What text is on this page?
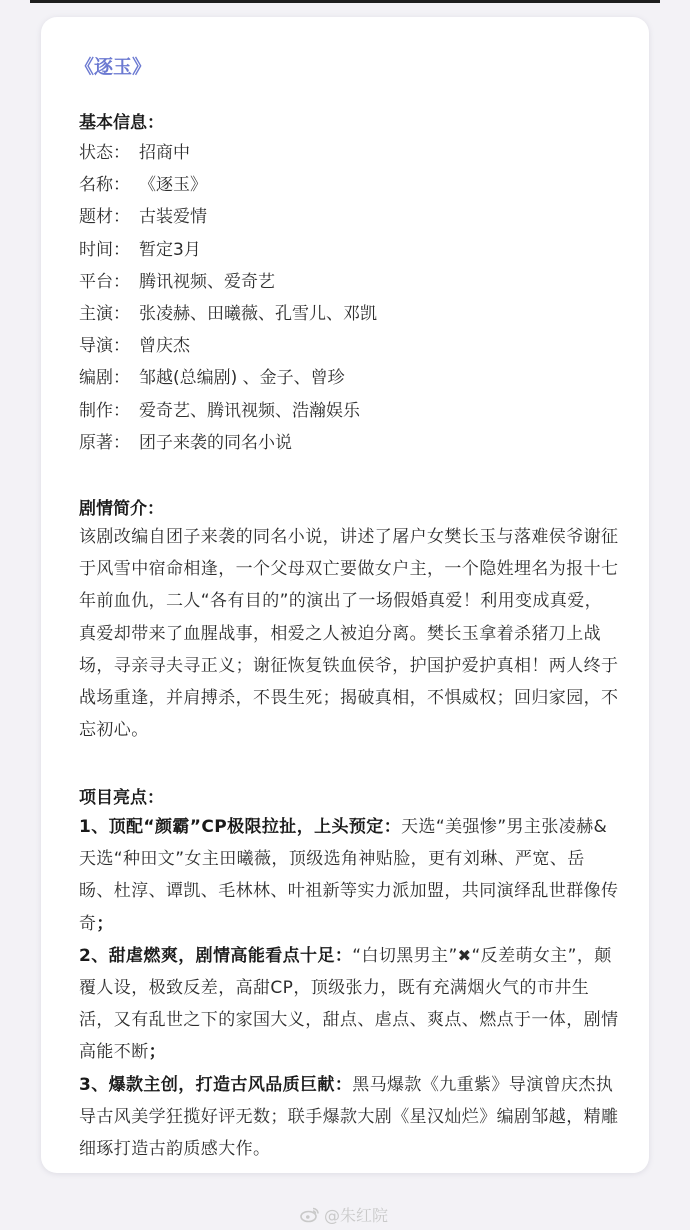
《逐玉》
基本信息：
状态： 招商中
名称： 《逐玉》
题材： 古装爱情
时间： 暂定3月
平台： 腾讯视频、爱奇艺
主演： 张凌赫、田曦薇、孔雪儿、邓凯
导演： 曾庆杰
编剧： 邹越(总编剧) 、金子、曾珍
制作： 爱奇艺、腾讯视频、浩瀚娱乐
原著： 团子来袭的同名小说
剧情简介：
该剧改编自团子来袭的同名小说，讲述了屠户女樊长玉与落难侯爷谢征于风雪中宿命相逢，一个父母双亡要做女户主，一个隐姓埋名为报十七年前血仇，二人“各有目的”的演出了一场假婚真爱！利用变成真爱，真爱却带来了血腥战事，相爱之人被迫分离。樊长玉拿着杀猪刀上战场，寻亲寻夫寻正义；谢征恢复铁血侯爷，护国护爱护真相！两人终于战场重逢，并肩搏杀，不畏生死；揭破真相，不惧威权；回归家园，不忘初心。
项目亮点：

1、顶配“颜霸”CP极限拉扯，上头预定：天选“美强惨”男主张凌赫&天选“种田文”女主田曦薇，顶级选角神贴脸，更有刘琳、严宽、岳旸、杜淳、谭凯、毛林林、叶祖新等实力派加盟，共同演绎乱世群像传奇；

2、甜虐燃爽，剧情高能看点十足：“白切黑男主”✖“反差萌女主”，颠覆人设，极致反差，高甜CP，顶级张力，既有充满烟火气的市井生活，又有乱世之下的家国大义，甜点、虐点、爽点、燃点于一体，剧情高能不断；

3、爆款主创，打造古风品质巨献：黑马爆款《九重紫》导演曾庆杰执导古风美学狂揽好评无数；联手爆款大剧《星汉灿烂》编剧邹越，精雕细琢打造古韵质感大作。

@朱红院
